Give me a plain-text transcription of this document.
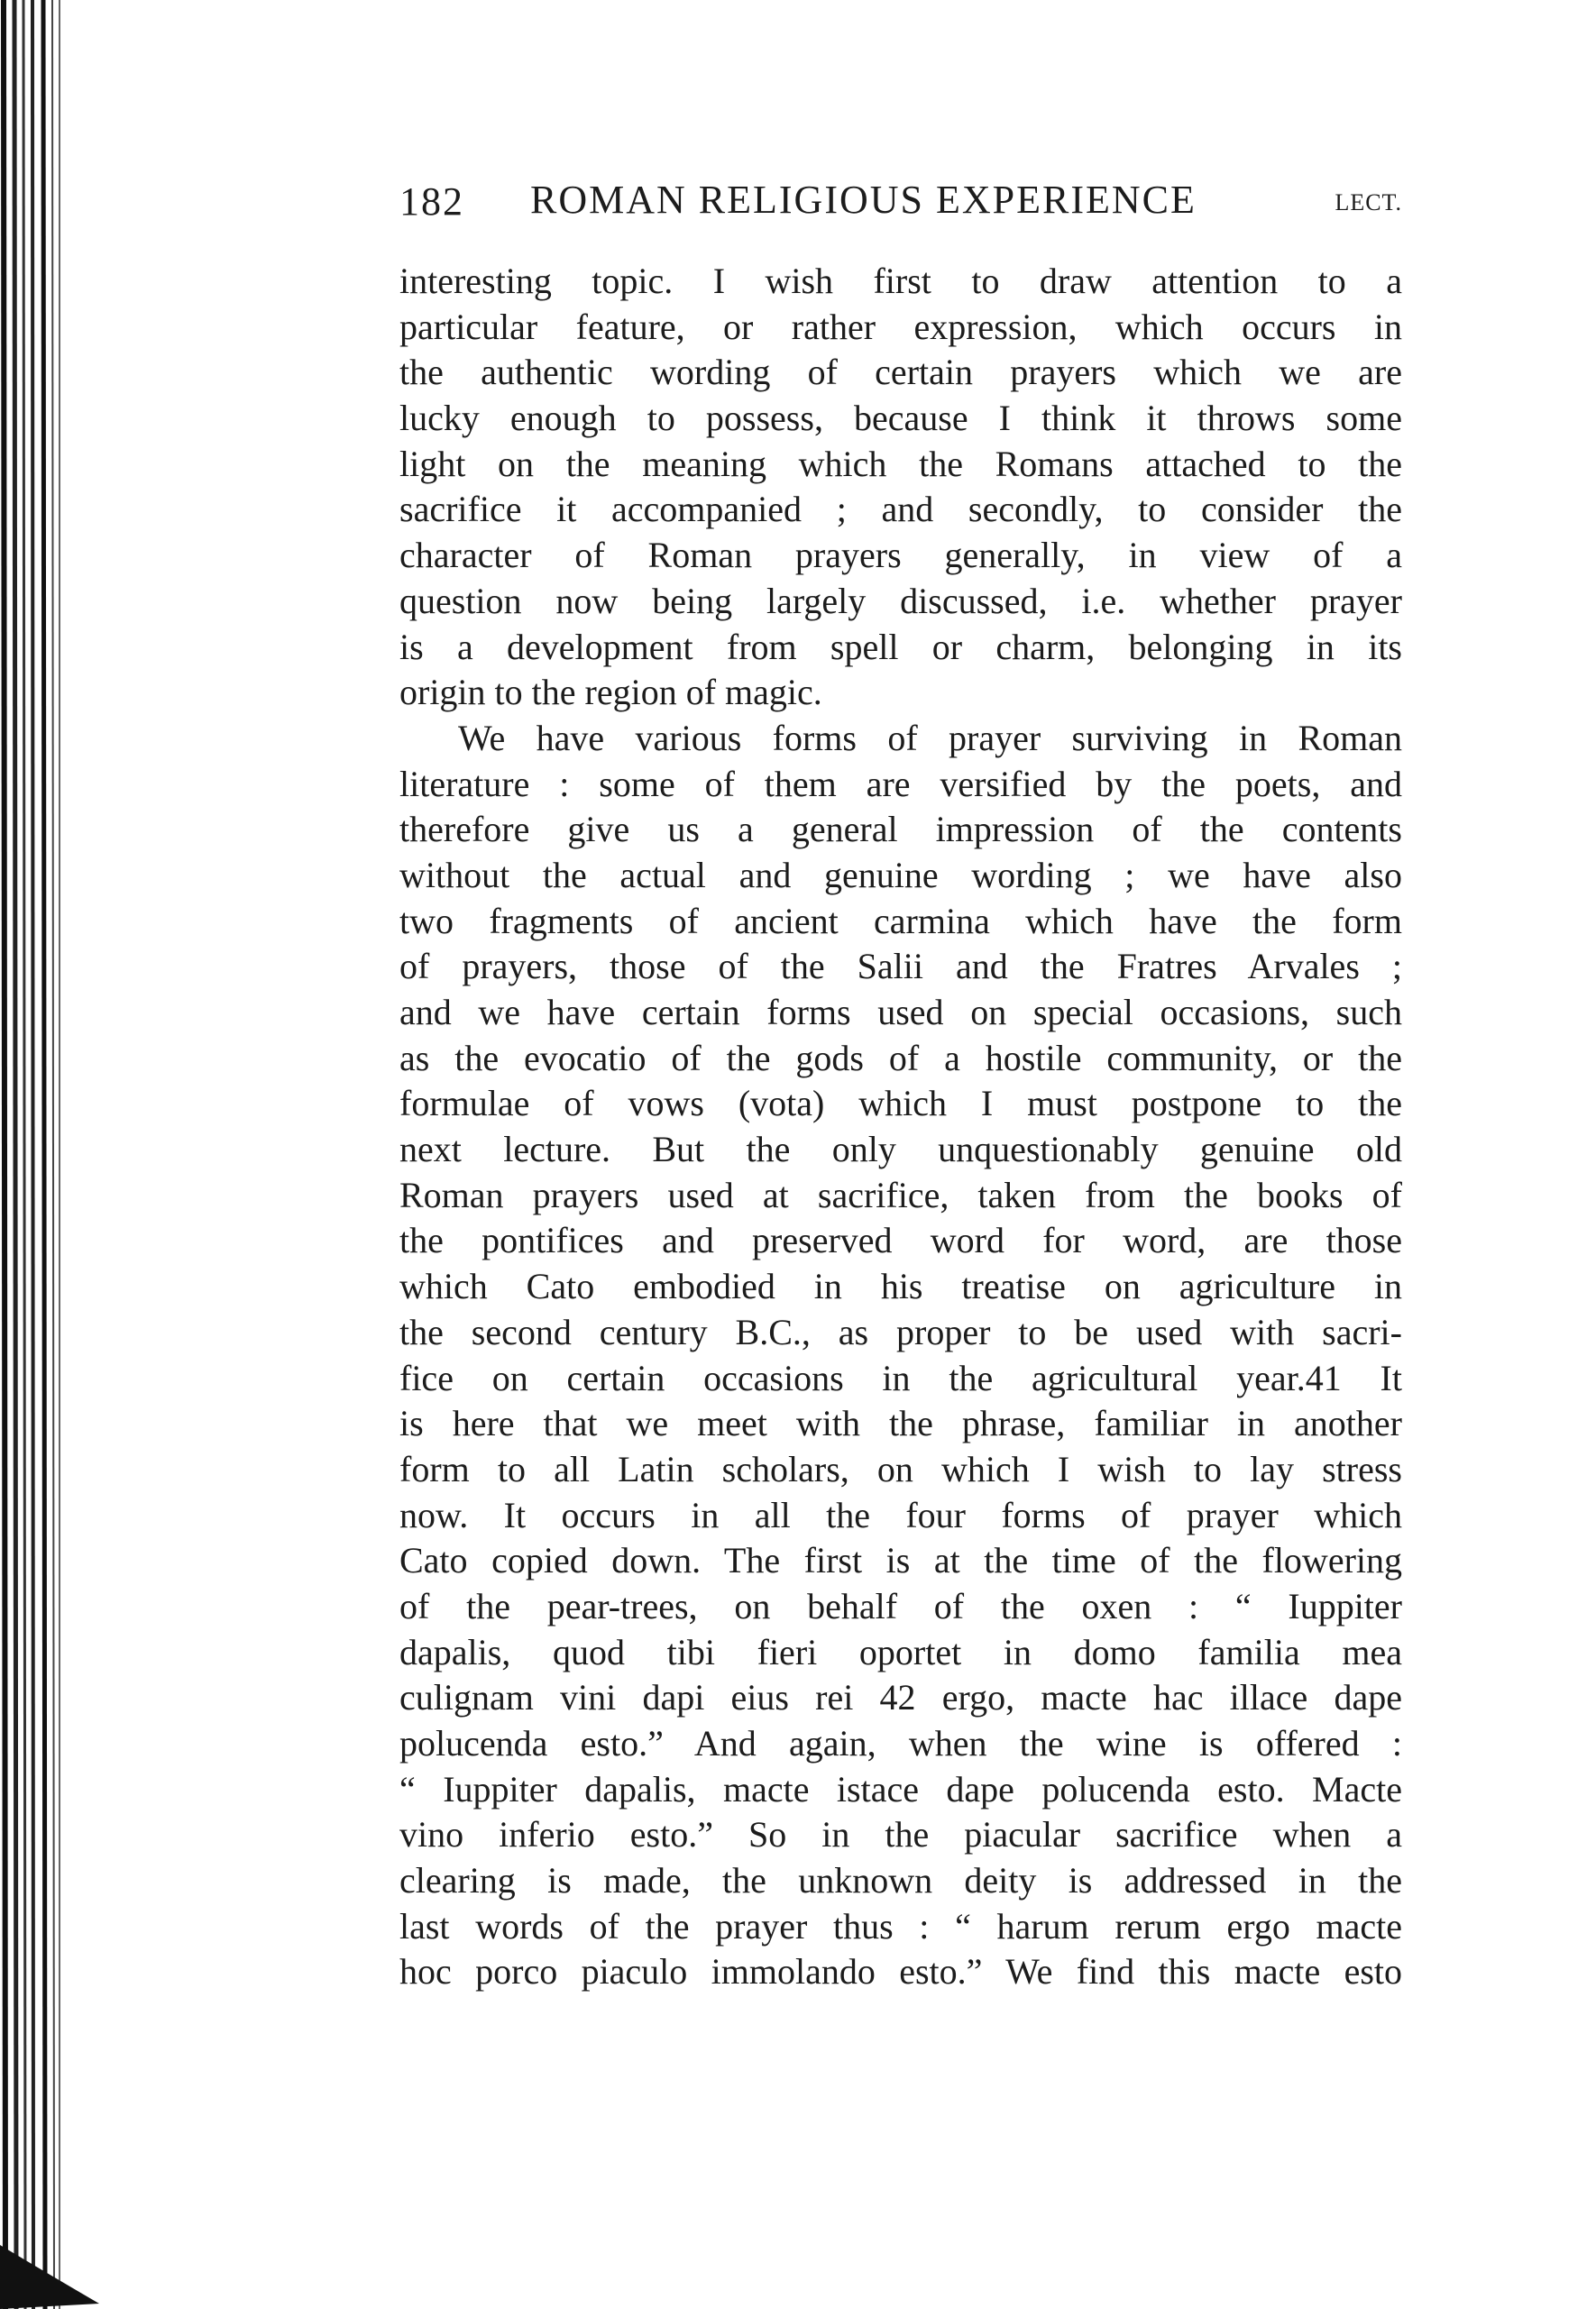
182 ROMAN RELIGIOUS EXPERIENCE	LECT.
interesting topic. I wish first to draw attention to a
particular feature, or rather expression, which occurs in
the authentic wording of certain prayers which we are
lucky enough to possess, because I think it throws some
light on the meaning which the Romans attached to the
sacrifice it accompanied ; and secondly, to consider the
character of Roman prayers generally, in view of a
question now being largely discussed, i.e. whether prayer
is a development from spell or charm, belonging in its
origin to the region of magic.
We have various forms of prayer surviving in Roman
literature : some of them are versified by the poets, and
therefore give us a general impression of the contents
without the actual and genuine wording ; we have also
two fragments of ancient carmina which have the form
of prayers, those of the Salii and the Fratres Arvales ;
and we have certain forms used on special occasions, such
as the evocatio of the gods of a hostile community, or the
formulae of vows (vota) which I must postpone to the
next lecture. But the only unquestionably genuine old
Roman prayers used at sacrifice, taken from the books of
the pontifices and preserved word for word, are those
which Cato embodied in his treatise on agriculture in
the second century B.C., as proper to be used with sacri-
fice on certain occasions in the agricultural year.41 It
is here that we meet with the phrase, familiar in another
form to all Latin scholars, on which I wish to lay stress
now. It occurs in all the four forms of prayer which
Cato copied down. The first is at the time of the flowering
of the pear-trees, on behalf of the oxen : “ Iuppiter
dapalis, quod tibi fieri oportet in domo familia mea
culignam vini dapi eius rei 42 ergo, macte hac illace dape
polucenda esto.” And again, when the wine is offered :
“ Iuppiter dapalis, macte istace dape polucenda esto. Macte
vino inferio esto.” So in the piacular sacrifice when a
clearing is made, the unknown deity is addressed in the
last words of the prayer thus : “ harum rerum ergo macte
hoc porco piaculo immolando esto.” We find this macte esto
